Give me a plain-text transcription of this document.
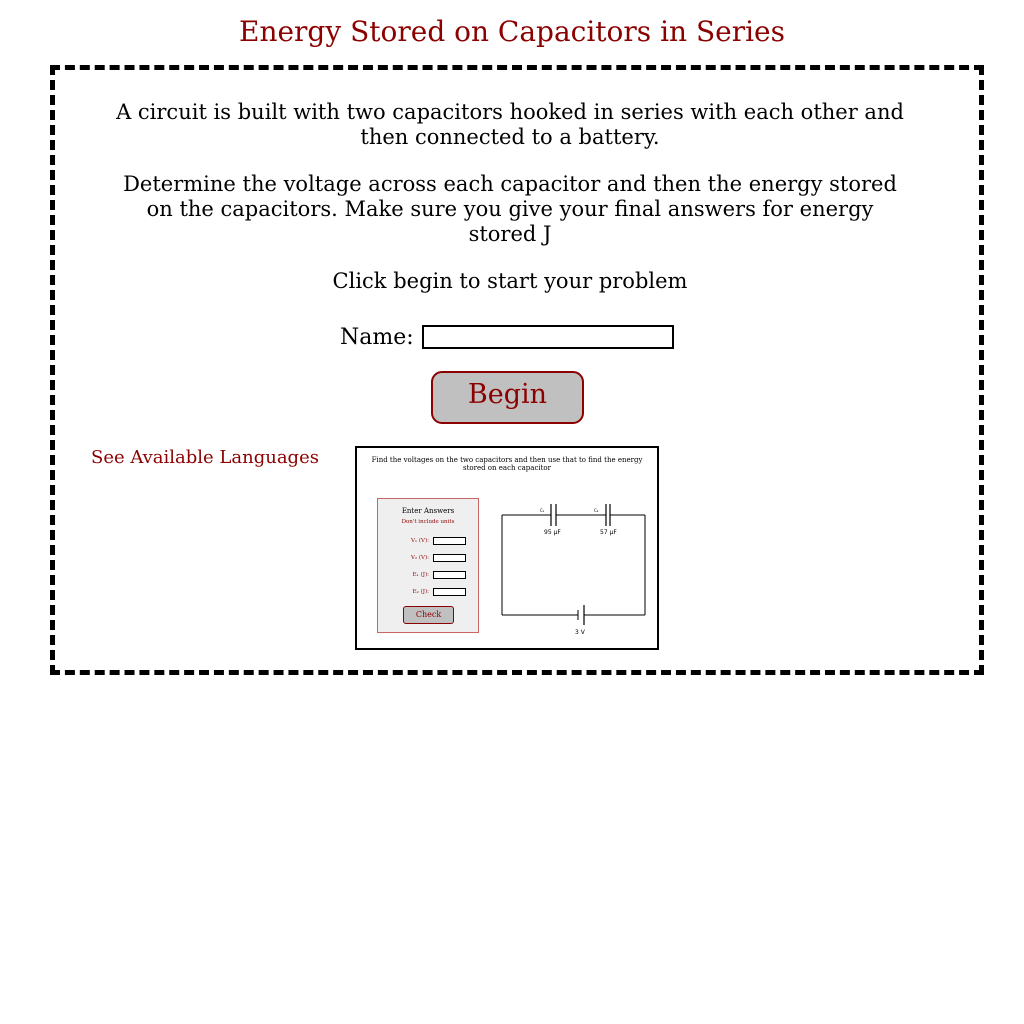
Energy Stored on Capacitors in Series

A circuit is built with two capacitors hooked in series with each other and then connected to a battery.

Determine the voltage across each capacitor and then the energy stored on the capacitors. Make sure you give your final answers for energy stored J

Click begin to start your problem

Name:
Begin
See Available Languages	Find the voltages on the two capacitors and then use that to find the energy stored on each capacitor

Enter Answers
Don't include units
V₁ (V):
V₂ (V):
E₁ (J):
E₂ (J):
Check
C₁	C₂
95 μF	57 μF
3 V
